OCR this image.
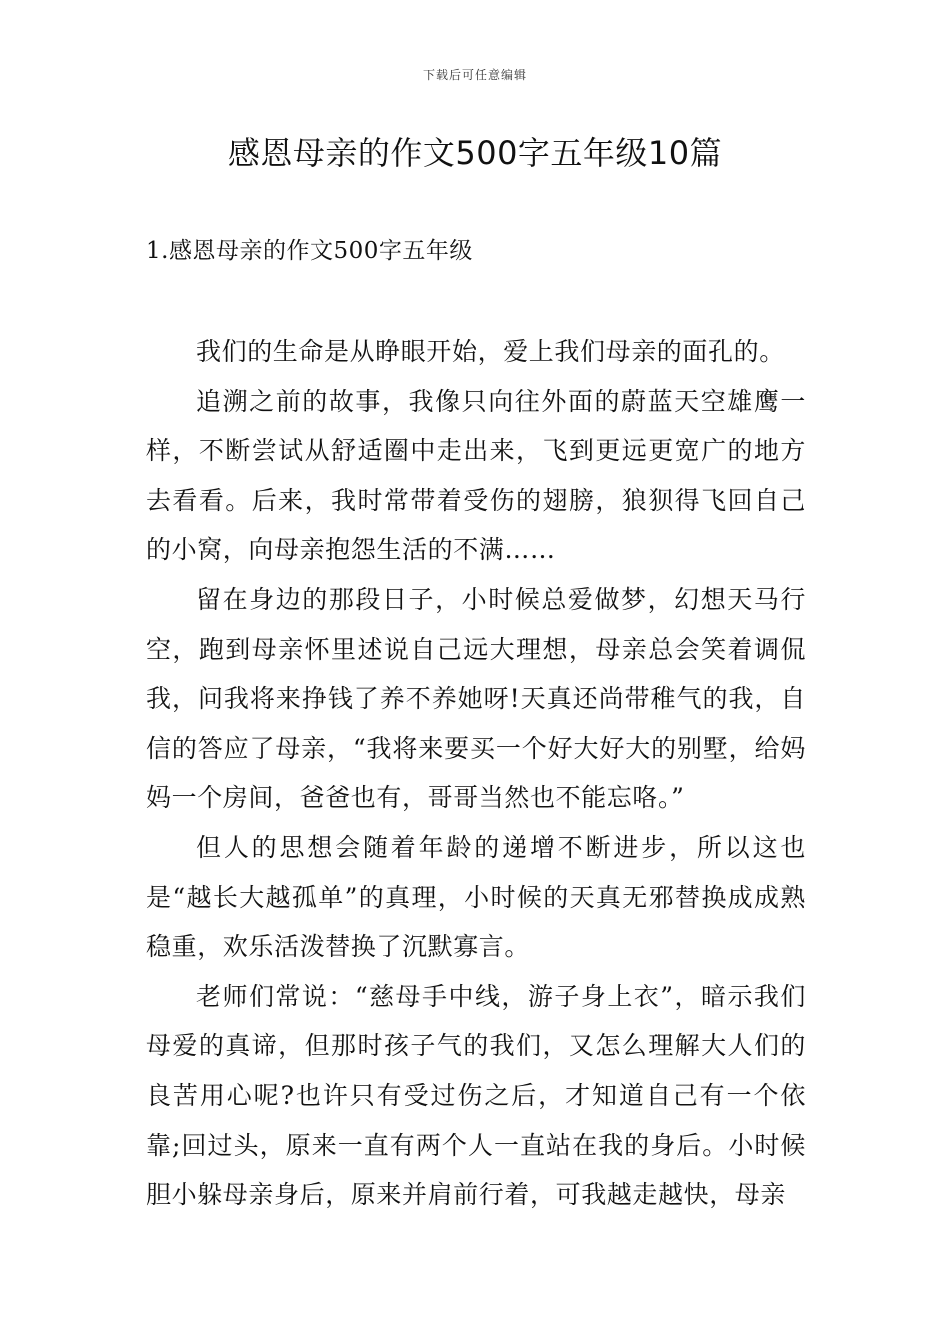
下载后可任意编辑
感恩母亲的作文500字五年级10篇
1.感恩母亲的作文500字五年级

我们的生命是从睁眼开始，爱上我们母亲的面孔的。

追溯之前的故事，我像只向往外面的蔚蓝天空雄鹰一样，不断尝试从舒适圈中走出来，飞到更远更宽广的地方去看看。后来，我时常带着受伤的翅膀，狼狈得飞回自己的小窝，向母亲抱怨生活的不满……

留在身边的那段日子，小时候总爱做梦，幻想天马行空，跑到母亲怀里述说自己远大理想，母亲总会笑着调侃我，问我将来挣钱了养不养她呀!天真还尚带稚气的我，自信的答应了母亲，“我将来要买一个好大好大的别墅，给妈妈一个房间，爸爸也有，哥哥当然也不能忘咯。”

但人的思想会随着年龄的递增不断进步，所以这也是“越长大越孤单”的真理，小时候的天真无邪替换成成熟稳重，欢乐活泼替换了沉默寡言。

老师们常说：“慈母手中线，游子身上衣”，暗示我们母爱的真谛，但那时孩子气的我们，又怎么理解大人们的良苦用心呢?也许只有受过伤之后，才知道自己有一个依靠;回过头，原来一直有两个人一直站在我的身后。小时候胆小躲母亲身后，原来并肩前行着，可我越走越快，母亲
